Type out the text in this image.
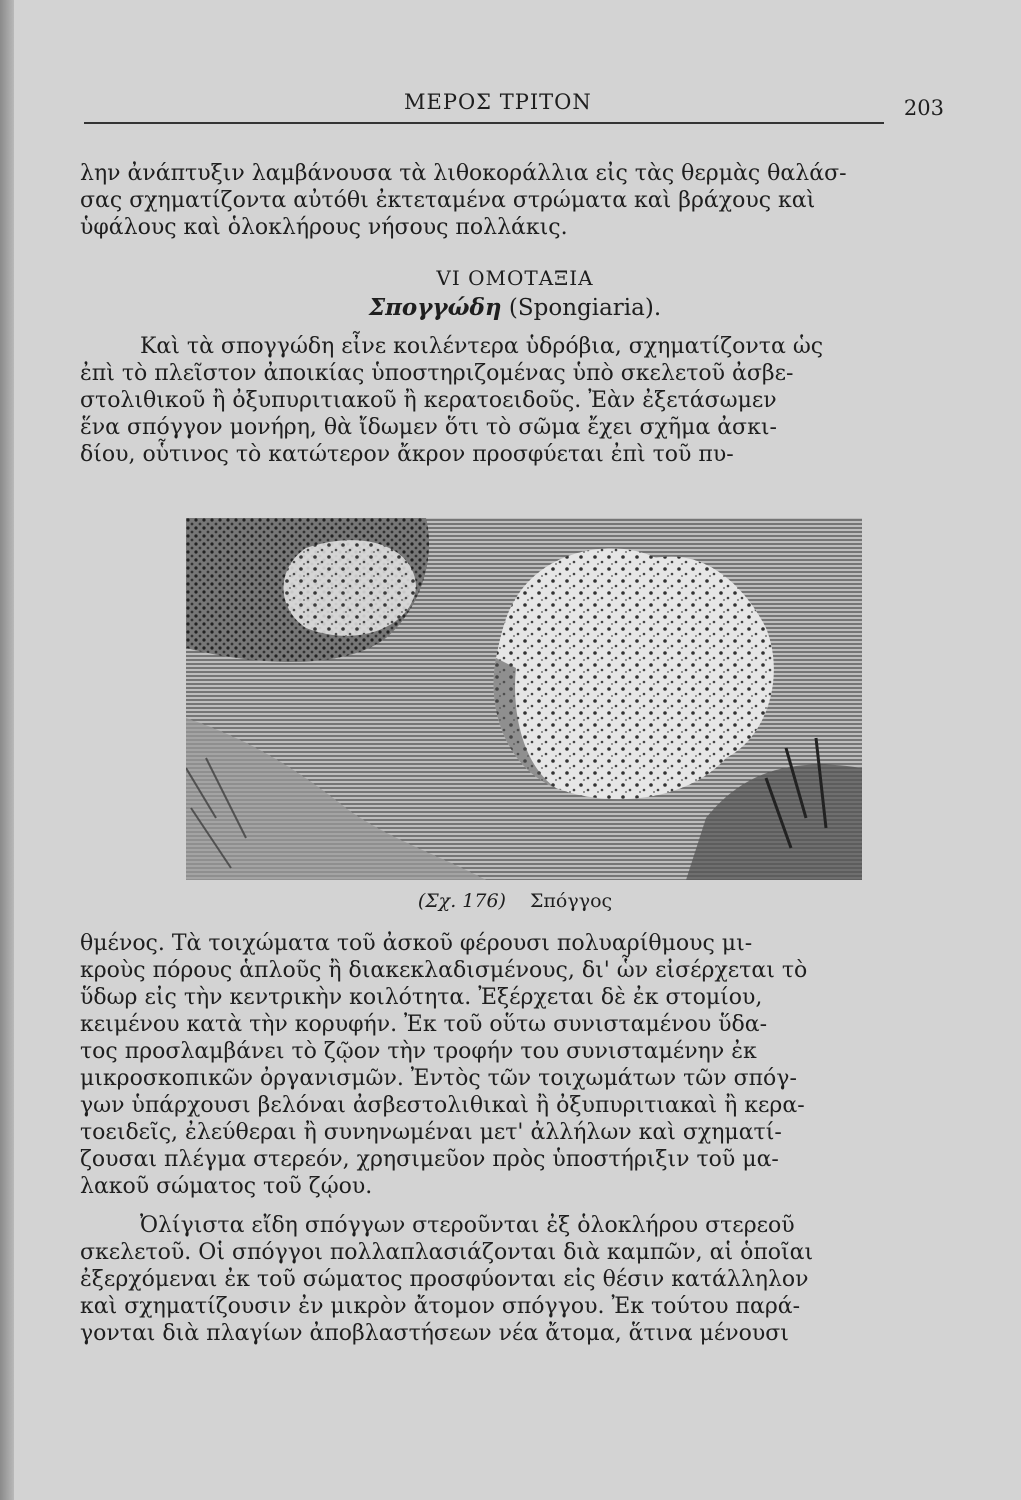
ΜΕΡΟΣ ΤΡΙΤΟΝ	203
λην ἀνάπτυξιν λαμβάνουσα τὰ λιθοκοράλλια εἰς τὰς θερμὰς θαλάσ-
σας σχηματίζοντα αὐτόθι ἐκτεταμένα στρώματα καὶ βράχους καὶ
ὑφάλους καὶ ὁλοκλήρους νήσους πολλάκις.
VI ΟΜΟΤΑΞΙΑ
Σπογγώδη (Spongiaria).
Καὶ τὰ σπογγώδη εἶνε κοιλέντερα ὑδρόβια, σχηματίζοντα ὡς
ἐπὶ τὸ πλεῖστον ἀποικίας ὑποστηριζομένας ὑπὸ σκελετοῦ ἀσβε-
στολιθικοῦ ἢ ὀξυπυριτιακοῦ ἢ κερατοειδοῦς. Ἐὰν ἐξετάσωμεν
ἕνα σπόγγον μονήρη, θὰ ἴδωμεν ὅτι τὸ σῶμα ἔχει σχῆμα ἀσκι-
δίου, οὗτινος τὸ κατώτερον ἄκρον προσφύεται ἐπὶ τοῦ πυ-
(Σχ. 176) Σπόγγος
θμένος. Τὰ τοιχώματα τοῦ ἀσκοῦ φέρουσι πολυαρίθμους μι-
κροὺς πόρους ἁπλοῦς ἢ διακεκλαδισμένους, δι' ὧν εἰσέρχεται τὸ
ὕδωρ εἰς τὴν κεντρικὴν κοιλότητα. Ἐξέρχεται δὲ ἐκ στομίου,
κειμένου κατὰ τὴν κορυφήν. Ἐκ τοῦ οὕτω συνισταμένου ὕδα-
τος προσλαμβάνει τὸ ζῷον τὴν τροφήν του συνισταμένην ἐκ
μικροσκοπικῶν ὀργανισμῶν. Ἐντὸς τῶν τοιχωμάτων τῶν σπόγ-
γων ὑπάρχουσι βελόναι ἀσβεστολιθικαὶ ἢ ὀξυπυριτιακαὶ ἢ κερα-
τοειδεῖς, ἐλεύθεραι ἢ συνηνωμέναι μετ' ἀλλήλων καὶ σχηματί-
ζουσαι πλέγμα στερεόν, χρησιμεῦον πρὸς ὑποστήριξιν τοῦ μα-
λακοῦ σώματος τοῦ ζῴου.
Ὀλίγιστα εἴδη σπόγγων στεροῦνται ἐξ ὁλοκλήρου στερεοῦ
σκελετοῦ. Οἱ σπόγγοι πολλαπλασιάζονται διὰ καμπῶν, αἱ ὁποῖαι
ἐξερχόμεναι ἐκ τοῦ σώματος προσφύονται εἰς θέσιν κατάλληλον
καὶ σχηματίζουσιν ἐν μικρὸν ἄτομον σπόγγου. Ἐκ τούτου παρά-
γονται διὰ πλαγίων ἀποβλαστήσεων νέα ἄτομα, ἅτινα μένουσι
